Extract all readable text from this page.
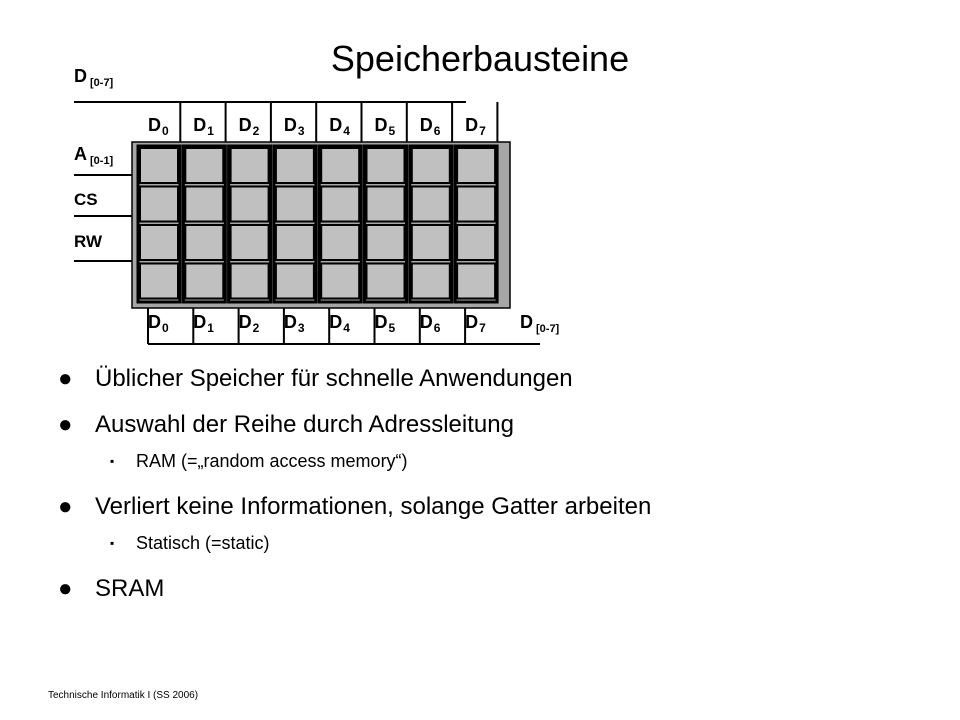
Speicherbausteine
D $_{[0-7]}$
A $_{[0-1]}$
CS
RW
D $_{[0-7]}$
$D_0$ $D_1$ $D_2$ $D_3$ $D_4$ $D_5$ $D_6$ $D_7$
$D_0$ $D_1$ $D_2$ $D_3$ $D_4$ $D_5$ $D_6$ $D_7$
● Üblicher Speicher für schnelle Anwendungen
● Auswahl der Reihe durch Adressleitung
▪ RAM (=„random access memory“)
● Verliert keine Informationen, solange Gatter arbeiten
▪ Statisch (=static)
● SRAM
Technische Informatik I (SS 2006)
